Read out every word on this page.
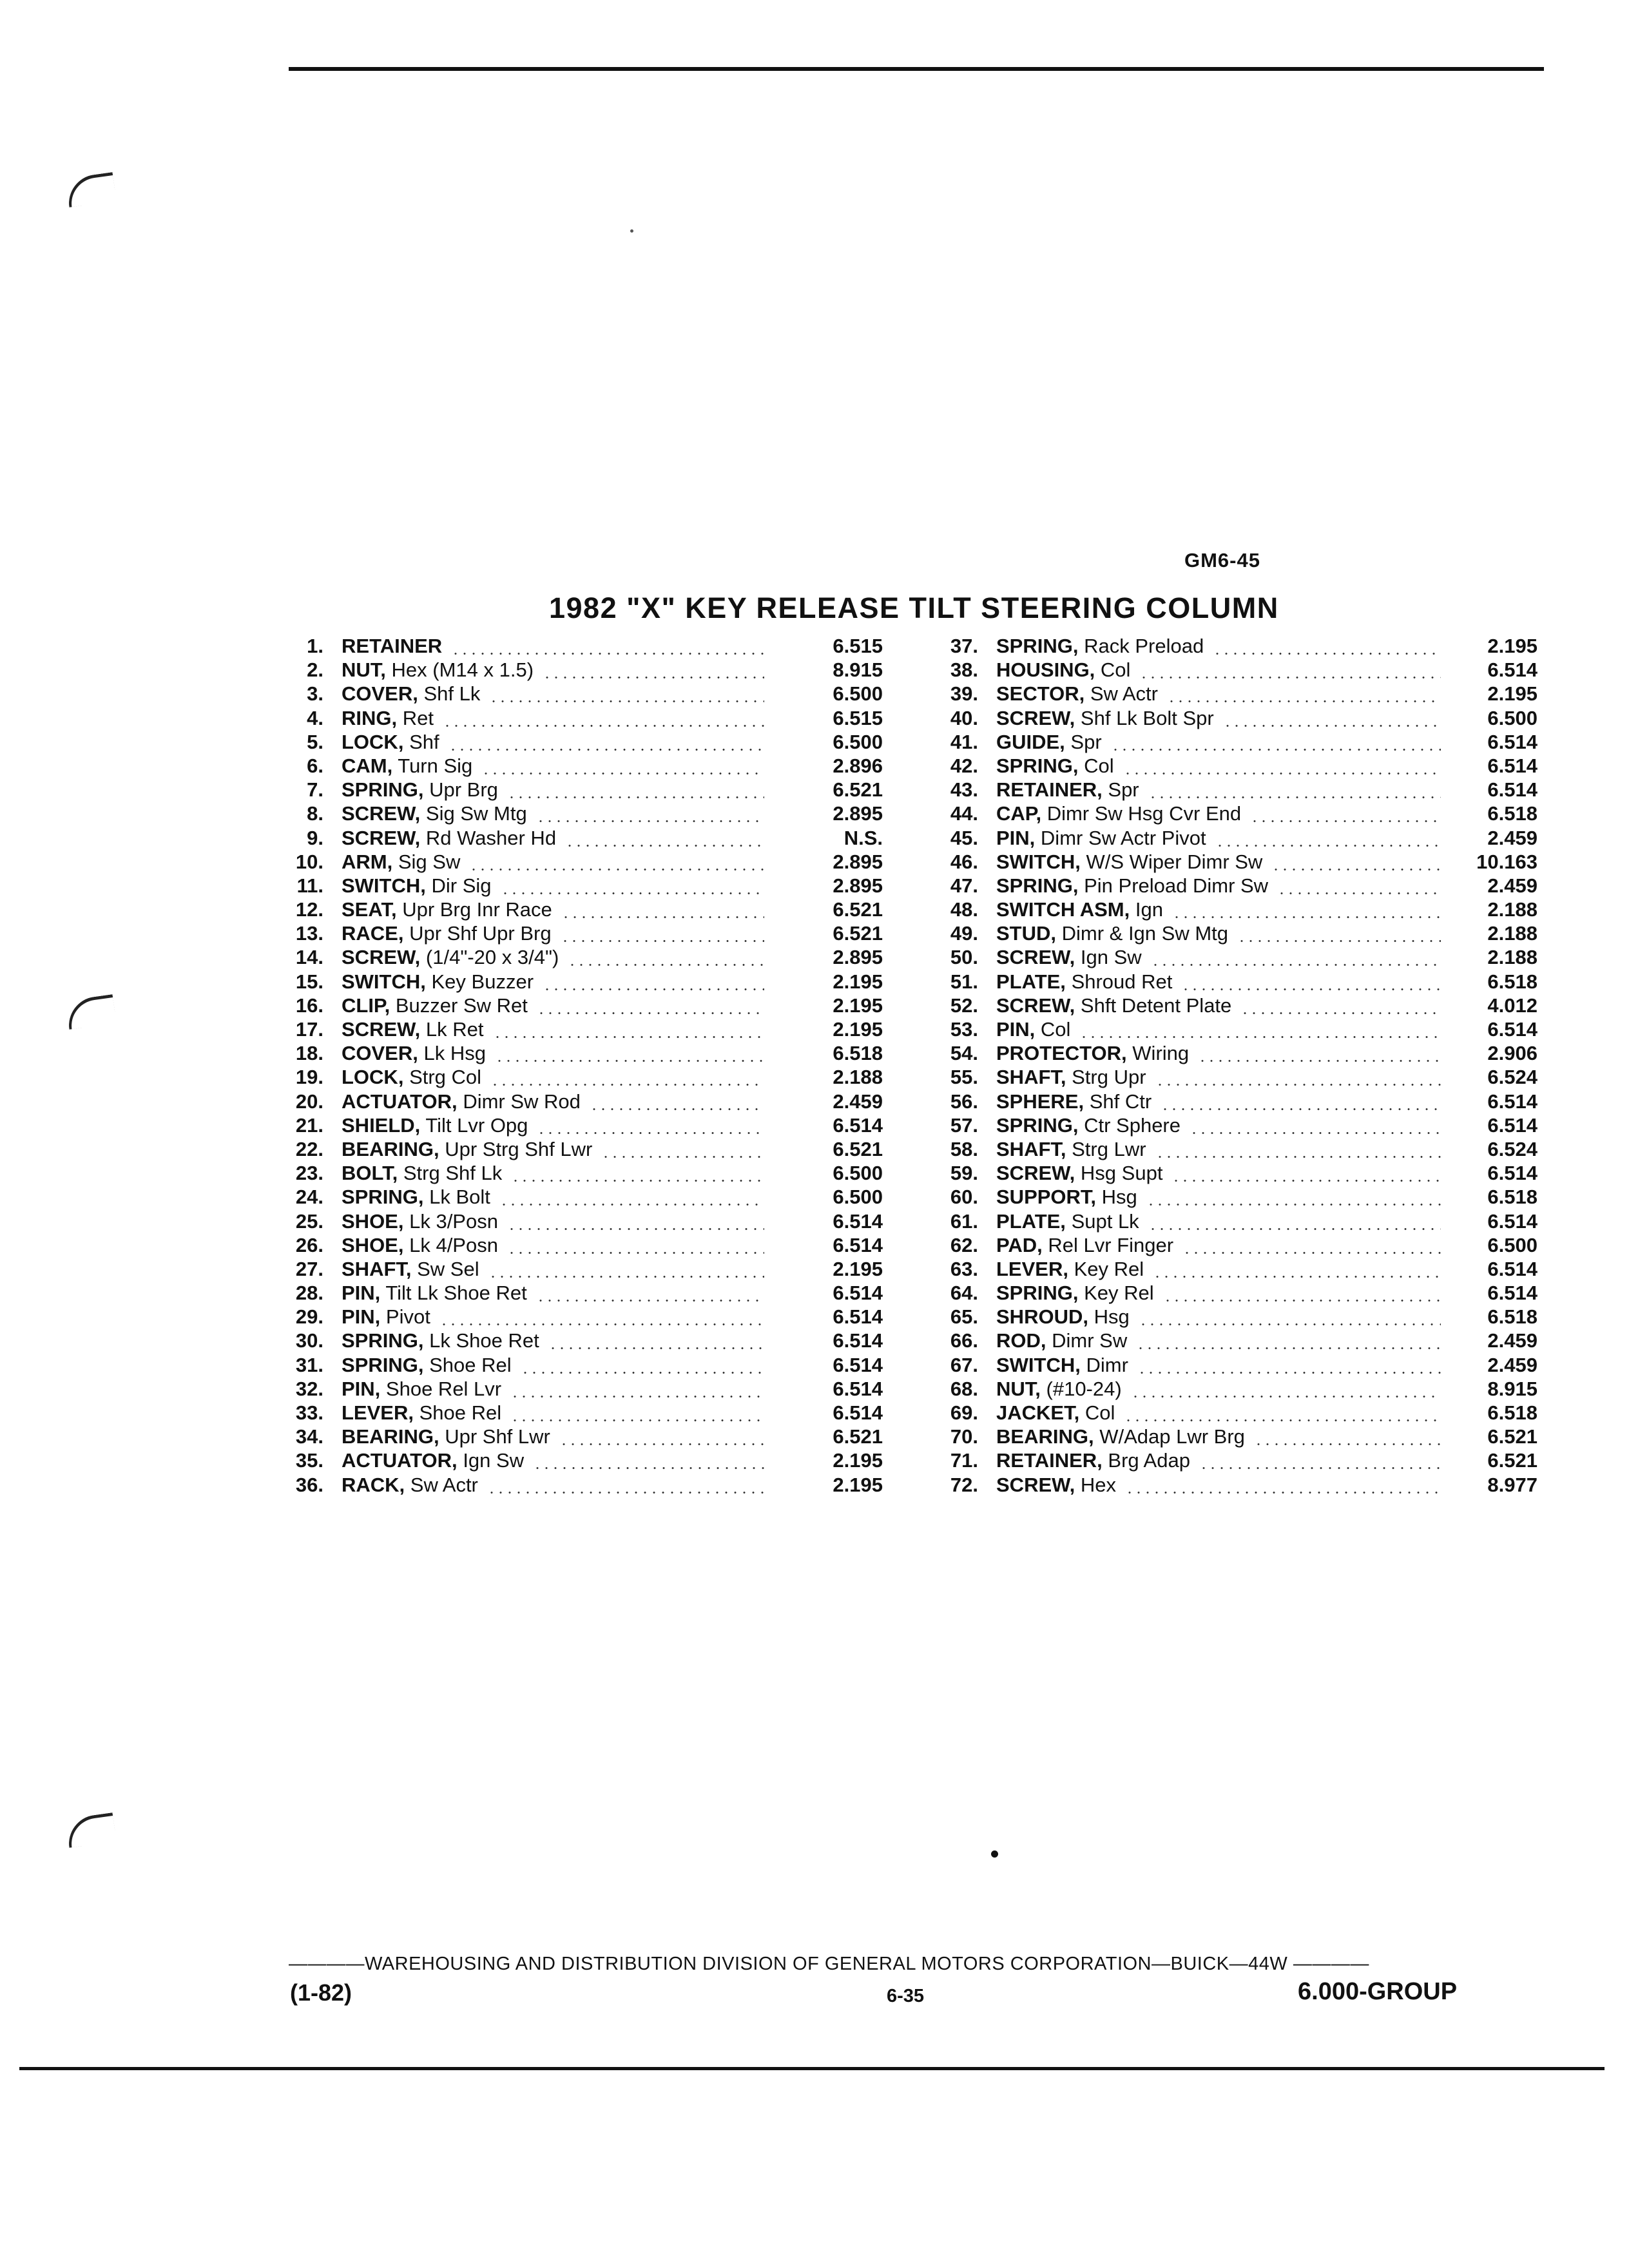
GM6-45
1982 "X" KEY RELEASE TILT STEERING COLUMN
1. RETAINER	6.515
2. NUT, Hex (M14 x 1.5)	8.915
3. COVER, Shf Lk	6.500
4. RING, Ret	6.515
5. LOCK, Shf	6.500
6. CAM, Turn Sig	2.896
7. SPRING, Upr Brg	6.521
8. SCREW, Sig Sw Mtg	2.895
9. SCREW, Rd Washer Hd	N.S.
10. ARM, Sig Sw	2.895
11. SWITCH, Dir Sig	2.895
12. SEAT, Upr Brg Inr Race	6.521
13. RACE, Upr Shf Upr Brg	6.521
14. SCREW, (1/4"-20 x 3/4")	2.895
15. SWITCH, Key Buzzer	2.195
16. CLIP, Buzzer Sw Ret	2.195
17. SCREW, Lk Ret	2.195
18. COVER, Lk Hsg	6.518
19. LOCK, Strg Col	2.188
20. ACTUATOR, Dimr Sw Rod	2.459
21. SHIELD, Tilt Lvr Opg	6.514
22. BEARING, Upr Strg Shf Lwr	6.521
23. BOLT, Strg Shf Lk	6.500
24. SPRING, Lk Bolt	6.500
25. SHOE, Lk 3/Posn	6.514
26. SHOE, Lk 4/Posn	6.514
27. SHAFT, Sw Sel	2.195
28. PIN, Tilt Lk Shoe Ret	6.514
29. PIN, Pivot	6.514
30. SPRING, Lk Shoe Ret	6.514
31. SPRING, Shoe Rel	6.514
32. PIN, Shoe Rel Lvr	6.514
33. LEVER, Shoe Rel	6.514
34. BEARING, Upr Shf Lwr	6.521
35. ACTUATOR, Ign Sw	2.195
36. RACK, Sw Actr	2.195
37. SPRING, Rack Preload	2.195
38. HOUSING, Col	6.514
39. SECTOR, Sw Actr	2.195
40. SCREW, Shf Lk Bolt Spr	6.500
41. GUIDE, Spr	6.514
42. SPRING, Col	6.514
43. RETAINER, Spr	6.514
44. CAP, Dimr Sw Hsg Cvr End	6.518
45. PIN, Dimr Sw Actr Pivot	2.459
46. SWITCH, W/S Wiper Dimr Sw	10.163
47. SPRING, Pin Preload Dimr Sw	2.459
48. SWITCH ASM, Ign	2.188
49. STUD, Dimr & Ign Sw Mtg	2.188
50. SCREW, Ign Sw	2.188
51. PLATE, Shroud Ret	6.518
52. SCREW, Shft Detent Plate	4.012
53. PIN, Col	6.514
54. PROTECTOR, Wiring	2.906
55. SHAFT, Strg Upr	6.524
56. SPHERE, Shf Ctr	6.514
57. SPRING, Ctr Sphere	6.514
58. SHAFT, Strg Lwr	6.524
59. SCREW, Hsg Supt	6.514
60. SUPPORT, Hsg	6.518
61. PLATE, Supt Lk	6.514
62. PAD, Rel Lvr Finger	6.500
63. LEVER, Key Rel	6.514
64. SPRING, Key Rel	6.514
65. SHROUD, Hsg	6.518
66. ROD, Dimr Sw	2.459
67. SWITCH, Dimr	2.459
68. NUT, (#10-24)	8.915
69. JACKET, Col	6.518
70. BEARING, W/Adap Lwr Brg	6.521
71. RETAINER, Brg Adap	6.521
72. SCREW, Hex	8.977
————WAREHOUSING AND DISTRIBUTION DIVISION OF GENERAL MOTORS CORPORATION—BUICK—44W ————
(1-82)	6-35	6.000-GROUP
